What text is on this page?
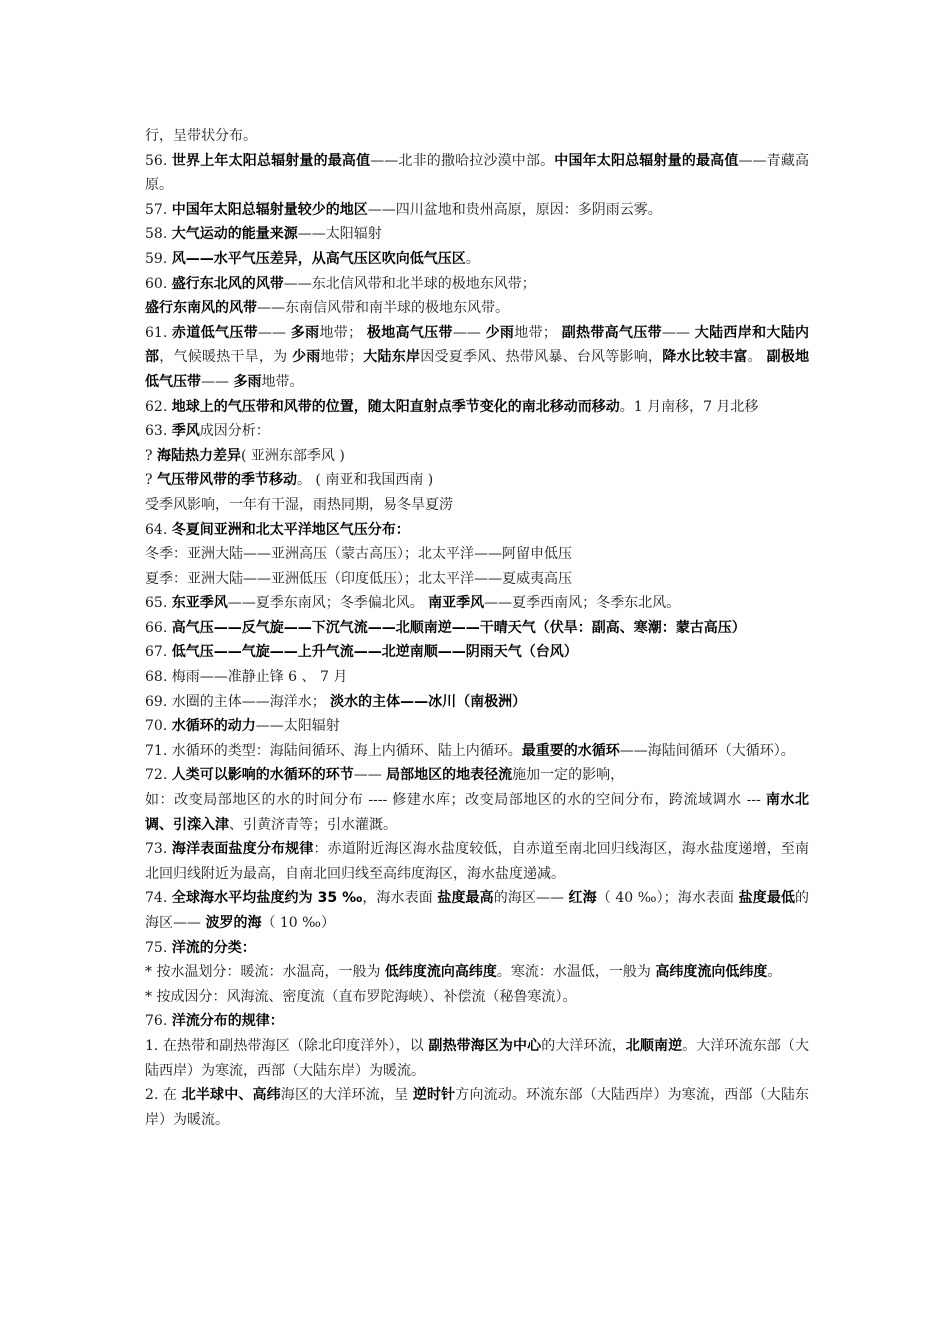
行，呈带状分布。

56. 世界上年太阳总辐射量的最高值——北非的撒哈拉沙漠中部。中国年太阳总辐射量的最高值——青藏高原。

57. 中国年太阳总辐射量较少的地区——四川盆地和贵州高原，原因：多阴雨云雾。

58. 大气运动的能量来源——太阳辐射

59. 风——水平气压差异，从高气压区吹向低气压区。

60. 盛行东北风的风带——东北信风带和北半球的极地东风带；

盛行东南风的风带——东南信风带和南半球的极地东风带。

61. 赤道低气压带—— 多雨地带； 极地高气压带—— 少雨地带； 副热带高气压带—— 大陆西岸和大陆内部，气候暖热干旱，为 少雨地带；大陆东岸因受夏季风、热带风暴、台风等影响，降水比较丰富。 副极地低气压带—— 多雨地带。

62. 地球上的气压带和风带的位置，随太阳直射点季节变化的南北移动而移动。1 月南移，7 月北移

63. 季风成因分析：

? 海陆热力差异( 亚洲东部季风 )

? 气压带风带的季节移动。 ( 南亚和我国西南 )

受季风影响，一年有干湿，雨热同期，易冬旱夏涝

64. 冬夏间亚洲和北太平洋地区气压分布：

冬季：亚洲大陆——亚洲高压（蒙古高压）；北太平洋——阿留申低压

夏季：亚洲大陆——亚洲低压（印度低压）；北太平洋——夏威夷高压

65. 东亚季风——夏季东南风；冬季偏北风。 南亚季风——夏季西南风；冬季东北风。

66. 高气压——反气旋——下沉气流——北顺南逆——干晴天气（伏旱：副高、寒潮：蒙古高压）

67. 低气压——气旋——上升气流——北逆南顺——阴雨天气（台风）

68. 梅雨——准静止锋 6 、 7 月

69. 水圈的主体——海洋水； 淡水的主体——冰川（南极洲）

70. 水循环的动力——太阳辐射

71. 水循环的类型：海陆间循环、海上内循环、陆上内循环。最重要的水循环——海陆间循环（大循环）。

72. 人类可以影响的水循环的环节—— 局部地区的地表径流施加一定的影响，

如：改变局部地区的水的时间分布 ---- 修建水库；改变局部地区的水的空间分布，跨流域调水 --- 南水北调、引滦入津、引黄济青等；引水灌溉。

73. 海洋表面盐度分布规律：赤道附近海区海水盐度较低，自赤道至南北回归线海区，海水盐度递增，至南北回归线附近为最高，自南北回归线至高纬度海区，海水盐度递减。

74. 全球海水平均盐度约为 35 ‰，海水表面 盐度最高的海区—— 红海（ 40 ‰）；海水表面 盐度最低的海区—— 波罗的海（ 10 ‰）

75. 洋流的分类：

* 按水温划分：暖流：水温高，一般为 低纬度流向高纬度。寒流：水温低，一般为 高纬度流向低纬度。

* 按成因分：风海流、密度流（直布罗陀海峡）、补偿流（秘鲁寒流）。

76. 洋流分布的规律：

1. 在热带和副热带海区（除北印度洋外），以 副热带海区为中心的大洋环流，北顺南逆。大洋环流东部（大陆西岸）为寒流，西部（大陆东岸）为暖流。

2. 在 北半球中、高纬海区的大洋环流，呈 逆时针方向流动。环流东部（大陆西岸）为寒流，西部（大陆东岸）为暖流。
